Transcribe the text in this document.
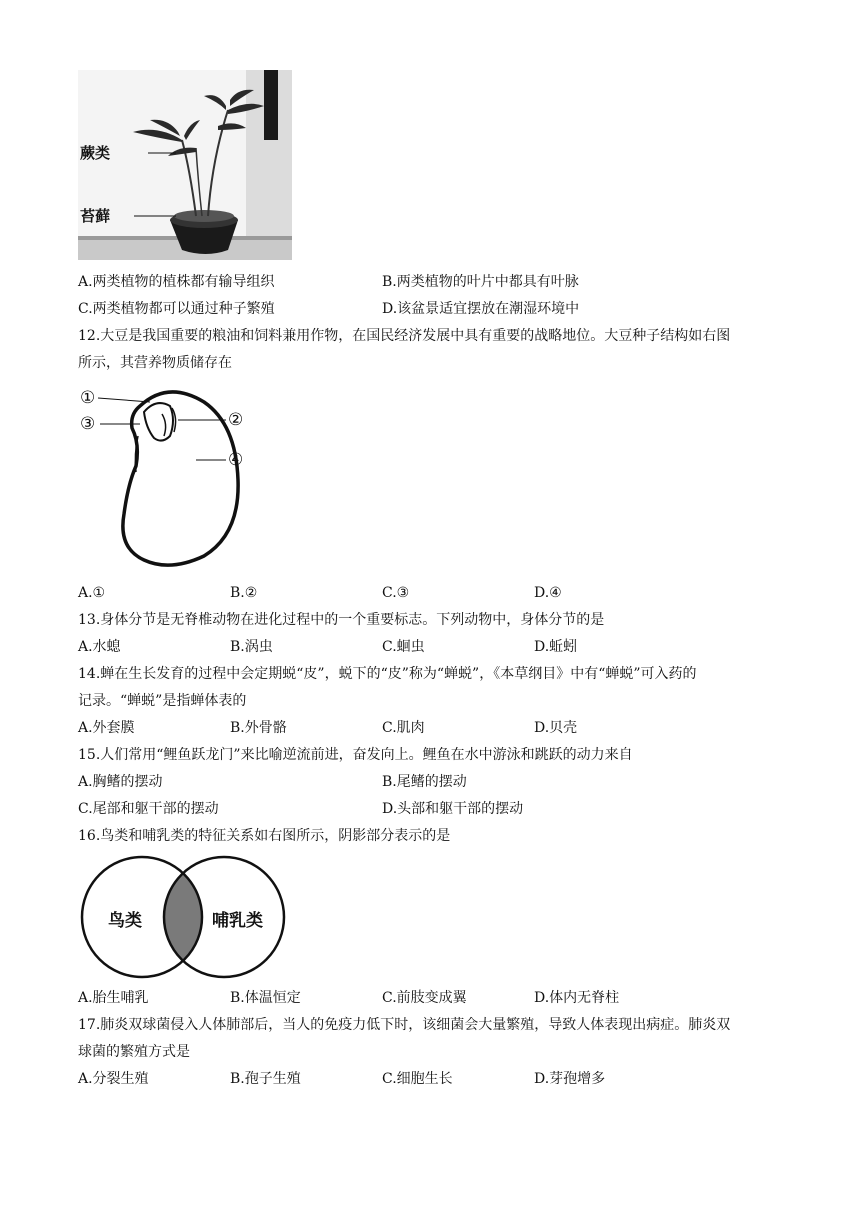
蕨类
苔藓
A.两类植物的植株都有输导组织	B.两类植物的叶片中都具有叶脉
C.两类植物都可以通过种子繁殖	D.该盆景适宜摆放在潮湿环境中
12.大豆是我国重要的粮油和饲料兼用作物，在国民经济发展中具有重要的战略地位。大豆种子结构如右图
所示，其营养物质储存在
①
③	②
④
A.①	B.②	C.③	D.④
13.身体分节是无脊椎动物在进化过程中的一个重要标志。下列动物中，身体分节的是
A.水螅	B.涡虫	C.蛔虫	D.蚯蚓
14.蝉在生长发育的过程中会定期蜕“皮”，蜕下的“皮”称为“蝉蜕”，《本草纲目》中有“蝉蜕”可入药的
记录。“蝉蜕”是指蝉体表的
A.外套膜	B.外骨骼	C.肌肉	D.贝壳
15.人们常用“鲤鱼跃龙门”来比喻逆流前进，奋发向上。鲤鱼在水中游泳和跳跃的动力来自
A.胸鳍的摆动	B.尾鳍的摆动
C.尾部和躯干部的摆动	D.头部和躯干部的摆动
16.鸟类和哺乳类的特征关系如右图所示，阴影部分表示的是
鸟类	哺乳类
A.胎生哺乳	B.体温恒定	C.前肢变成翼	D.体内无脊柱
17.肺炎双球菌侵入人体肺部后，当人的免疫力低下时，该细菌会大量繁殖，导致人体表现出病症。肺炎双
球菌的繁殖方式是
A.分裂生殖	B.孢子生殖	C.细胞生长	D.芽孢增多
